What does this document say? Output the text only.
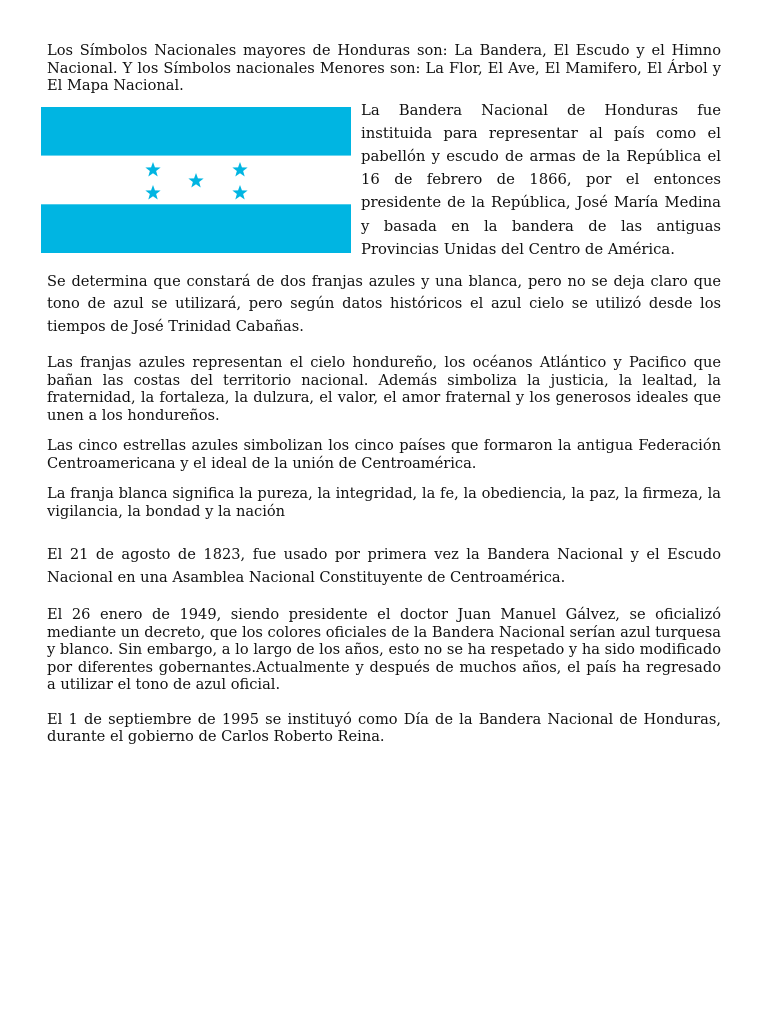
Los Símbolos Nacionales mayores de Honduras son: La Bandera, El Escudo y el Himno Nacional. Y los Símbolos nacionales Menores son: La Flor, El Ave, El Mamifero, El Árbol y El Mapa Nacional.

La Bandera Nacional de Honduras fue instituida para representar al país como el pabellón y escudo de armas de la República el 16 de febrero de 1866, por el entonces presidente de la República, José María Medina y basada en la bandera de las antiguas Provincias Unidas del Centro de América.

Se determina que constará de dos franjas azules y una blanca, pero no se deja claro que tono de azul se utilizará, pero según datos históricos el azul cielo se utilizó desde los tiempos de José Trinidad Cabañas.

Las franjas azules representan el cielo hondureño, los océanos Atlántico y Pacifico que bañan las costas del territorio nacional. Además simboliza la justicia, la lealtad, la fraternidad, la fortaleza, la dulzura, el valor, el amor fraternal y los generosos ideales que unen a los hondureños.

Las cinco estrellas azules simbolizan los cinco países que formaron la antigua Federación Centroamericana y el ideal de la unión de Centroamérica.

La franja blanca significa la pureza, la integridad, la fe, la obediencia, la paz, la firmeza, la vigilancia, la bondad y la nación

El 21 de agosto de 1823, fue usado por primera vez la Bandera Nacional y el Escudo Nacional en una Asamblea Nacional Constituyente de Centroamérica.

El 26 enero de 1949, siendo presidente el doctor Juan Manuel Gálvez, se oficializó mediante un decreto, que los colores oficiales de la Bandera Nacional serían azul turquesa y blanco. Sin embargo, a lo largo de los años, esto no se ha respetado y ha sido modificado por diferentes gobernantes.Actualmente y después de muchos años, el país ha regresado a utilizar el tono de azul oficial.

El 1 de septiembre de 1995 se instituyó como Día de la Bandera Nacional de Honduras, durante el gobierno de Carlos Roberto Reina.
